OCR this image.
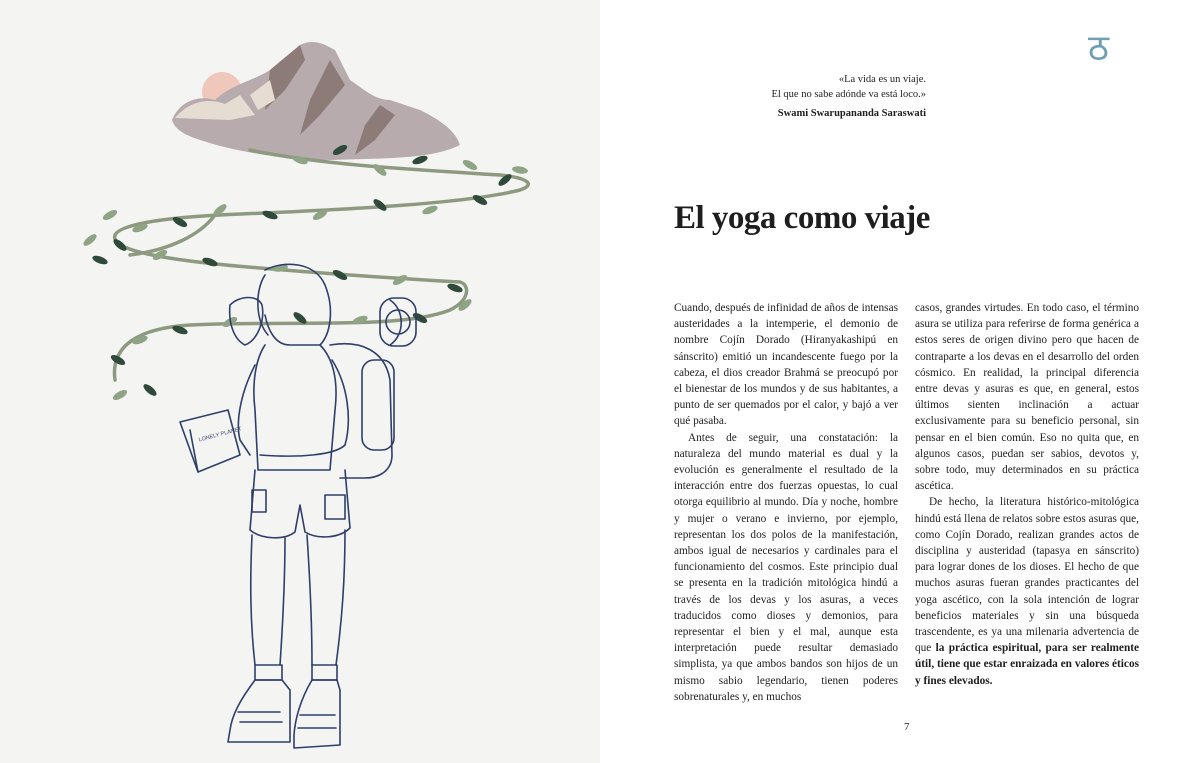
LONELY PLANET
ठ
«La vida es un viaje.
El que no sabe adónde va está loco.»
Swami Swarupananda Saraswati
El yoga como viaje

Cuando, después de infinidad de años de intensas austeridades a la intemperie, el demonio de nombre Cojín Dorado (Hiranyakashipú en sánscrito) emitió un incandescente fuego por la cabeza, el dios creador Brahmá se preocupó por el bienestar de los mundos y de sus habitantes, a punto de ser quemados por el calor, y bajó a ver qué pasaba.

Antes de seguir, una constatación: la naturaleza del mundo material es dual y la evolución es generalmente el resultado de la interacción entre dos fuerzas opuestas, lo cual otorga equilibrio al mundo. Día y noche, hombre y mujer o verano e invierno, por ejemplo, representan los dos polos de la manifestación, ambos igual de necesarios y cardinales para el funcionamiento del cosmos. Este principio dual se presenta en la tradición mitológica hindú a través de los devas y los asuras, a veces traducidos como dioses y demonios, para representar el bien y el mal, aunque esta interpretación puede resultar demasiado simplista, ya que ambos bandos son hijos de un mismo sabio legendario, tienen poderes sobrenaturales y, en muchos

casos, grandes virtudes. En todo caso, el término asura se utiliza para referirse de forma genérica a estos seres de origen divino pero que hacen de contraparte a los devas en el desarrollo del orden cósmico. En realidad, la principal diferencia entre devas y asuras es que, en general, estos últimos sienten inclinación a actuar exclusivamente para su beneficio personal, sin pensar en el bien común. Eso no quita que, en algunos casos, puedan ser sabios, devotos y, sobre todo, muy determinados en su práctica ascética.

De hecho, la literatura histórico-mitológica hindú está llena de relatos sobre estos asuras que, como Cojín Dorado, realizan grandes actos de disciplina y austeridad (tapasya en sánscrito) para lograr dones de los dioses. El hecho de que muchos asuras fueran grandes practicantes del yoga ascético, con la sola intención de lograr beneficios materiales y sin una búsqueda trascendente, es ya una milenaria advertencia de que la práctica espiritual, para ser realmente útil, tiene que estar enraizada en valores éticos y fines elevados.

7
